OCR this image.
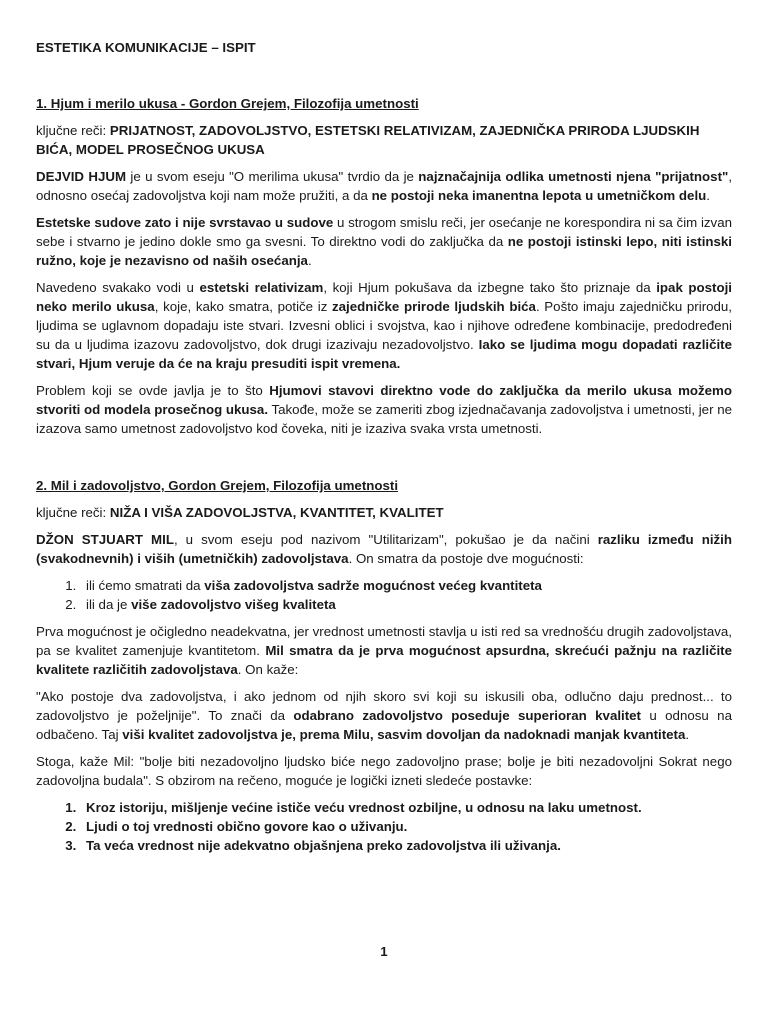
ESTETIKA KOMUNIKACIJE – ISPIT
1. Hjum i merilo ukusa - Gordon Grejem, Filozofija umetnosti
ključne reči: PRIJATNOST, ZADOVOLJSTVO, ESTETSKI RELATIVIZAM, ZAJEDNIČKA PRIRODA LJUDSKIH BIĆA, MODEL PROSEČNOG UKUSA

DEJVID HJUM je u svom eseju "O merilima ukusa" tvrdio da je najznačajnija odlika umetnosti njena "prijatnost", odnosno osećaj zadovoljstva koji nam može pružiti, a da ne postoji neka imanentna lepota u umetničkom delu.

Estetske sudove zato i nije svrstavao u sudove u strogom smislu reči, jer osećanje ne korespondira ni sa čim izvan sebe i stvarno je jedino dokle smo ga svesni. To direktno vodi do zaključka da ne postoji istinski lepo, niti istinski ružno, koje je nezavisno od naših osećanja.

Navedeno svakako vodi u estetski relativizam, koji Hjum pokušava da izbegne tako što priznaje da ipak postoji neko merilo ukusa, koje, kako smatra, potiče iz zajedničke prirode ljudskih bića. Pošto imaju zajedničku prirodu, ljudima se uglavnom dopadaju iste stvari. Izvesni oblici i svojstva, kao i njihove određene kombinacije, predodređeni su da u ljudima izazovu zadovoljstvo, dok drugi izazivaju nezadovoljstvo. Iako se ljudima mogu dopadati različite stvari, Hjum veruje da će na kraju presuditi ispit vremena.

Problem koji se ovde javlja je to što Hjumovi stavovi direktno vode do zaključka da merilo ukusa možemo stvoriti od modela prosečnog ukusa. Takođe, može se zameriti zbog izjednačavanja zadovoljstva i umetnosti, jer ne izazova samo umetnost zadovoljstvo kod čoveka, niti je izaziva svaka vrsta umetnosti.

2. Mil i zadovoljstvo, Gordon Grejem, Filozofija umetnosti
ključne reči: NIŽA I VIŠA ZADOVOLJSTVA, KVANTITET, KVALITET

DŽON STJUART MIL, u svom eseju pod nazivom "Utilitarizam", pokušao je da načini razliku između nižih (svakodnevnih) i viših (umetničkih) zadovoljstava. On smatra da postoje dve mogućnosti:

1. ili ćemo smatrati da viša zadovoljstva sadrže mogućnost većeg kvantiteta
2. ili da je više zadovoljstvo višeg kvaliteta

Prva mogućnost je očigledno neadekvatna, jer vrednost umetnosti stavlja u isti red sa vrednošću drugih zadovoljstava, pa se kvalitet zamenjuje kvantitetom. Mil smatra da je prva mogućnost apsurdna, skrećući pažnju na različite kvalitete različitih zadovoljstava. On kaže:

"Ako postoje dva zadovoljstva, i ako jednom od njih skoro svi koji su iskusili oba, odlučno daju prednost... to zadovoljstvo je poželjnije". To znači da odabrano zadovoljstvo poseduje superioran kvalitet u odnosu na odbačeno. Taj viši kvalitet zadovoljstva je, prema Milu, sasvim dovoljan da nadoknadi manjak kvantiteta.

Stoga, kaže Mil: "bolje biti nezadovoljno ljudsko biće nego zadovoljno prase; bolje je biti nezadovoljni Sokrat nego zadovoljna budala". S obzirom na rečeno, moguće je logički izneti sledeće postavke:

1. Kroz istoriju, mišljenje većine ističe veću vrednost ozbiljne, u odnosu na laku umetnost.
2. Ljudi o toj vrednosti obično govore kao o uživanju.
3. Ta veća vrednost nije adekvatno objašnjena preko zadovoljstva ili uživanja.
1
